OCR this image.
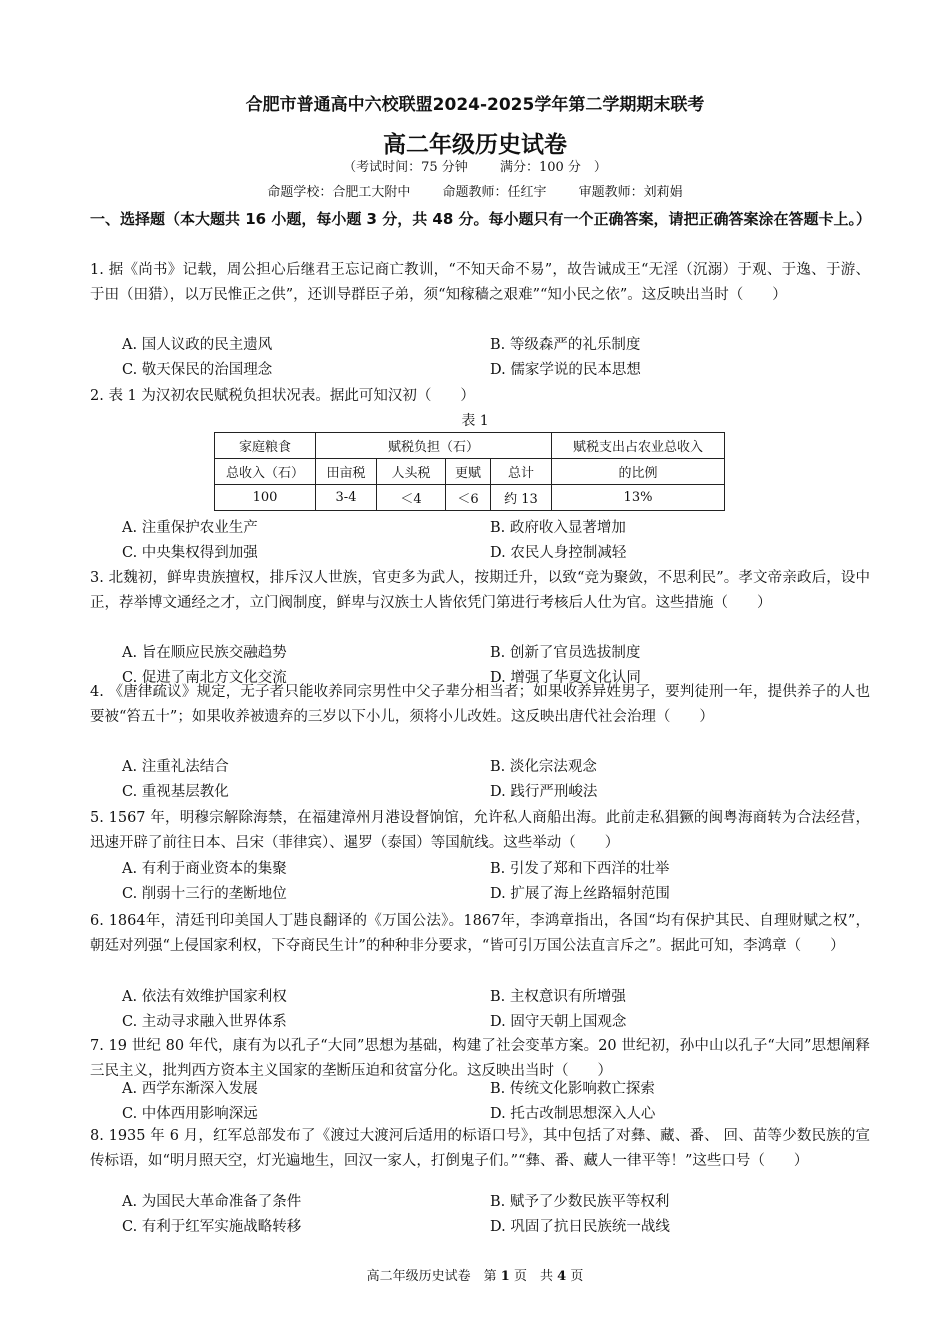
合肥市普通高中六校联盟2024-2025学年第二学期期末联考
高二年级历史试卷
（考试时间：75 分钟 满分：100 分　）
命题学校：合肥工大附中 命题教师：任红宇 审题教师：刘莉娟
一、选择题（本大题共 16 小题，每小题 3 分，共 48 分。每小题只有一个正确答案，请把正确答案涂在答题卡上。）
1. 据《尚书》记载，周公担心后继君王忘记商亡教训，“不知天命不易”，故告诫成王“无淫（沉溺）于观、于逸、于游、于田（田猎），以万民惟正之供”，还训导群臣子弟，须“知稼穑之艰难”“知小民之依”。这反映出当时（　　）
A. 国人议政的民主遗风	B. 等级森严的礼乐制度
C. 敬天保民的治国理念	D. 儒家学说的民本思想
2. 表 1 为汉初农民赋税负担状况表。据此可知汉初（　　）
表 1
家庭粮食	赋税负担（石）				赋税支出占农业总收入
总收入（石）	田亩税	人头税	更赋	总计	的比例
100	3-4	＜4	＜6	约 13	13%
A. 注重保护农业生产	B. 政府收入显著增加
C. 中央集权得到加强	D. 农民人身控制减轻
3. 北魏初，鲜卑贵族擅权，排斥汉人世族，官吏多为武人，按期迁升，以致“竞为聚敛，不思利民”。孝文帝亲政后，设中正，荐举博文通经之才，立门阀制度，鲜卑与汉族士人皆依凭门第进行考核后人仕为官。这些措施（　　）
A. 旨在顺应民族交融趋势	B. 创新了官员选拔制度
C. 促进了南北方文化交流	D. 增强了华夏文化认同
4. 《唐律疏议》规定，无子者只能收养同宗男性中父子辈分相当者；如果收养异姓男子，要判徒刑一年，提供养子的人也要被“笞五十”；如果收养被遗弃的三岁以下小儿，须将小儿改姓。这反映出唐代社会治理（　　）
A. 注重礼法结合	B. 淡化宗法观念
C. 重视基层教化	D. 践行严刑峻法
5. 1567 年，明穆宗解除海禁，在福建漳州月港设督饷馆，允许私人商船出海。此前走私猖獗的闽粤海商转为合法经营，迅速开辟了前往日本、吕宋（菲律宾）、暹罗（泰国）等国航线。这些举动（　　）
A. 有利于商业资本的集聚	B. 引发了郑和下西洋的壮举
C. 削弱十三行的垄断地位	D. 扩展了海上丝路辐射范围
6. 1864年，清廷刊印美国人丁韪良翻译的《万国公法》。1867年，李鸿章指出，各国“均有保护其民、自理财赋之权”，朝廷对列强“上侵国家利权，下夺商民生计”的种种非分要求，“皆可引万国公法直言斥之”。据此可知，李鸿章（　　）
A. 依法有效维护国家利权	B. 主权意识有所增强
C. 主动寻求融入世界体系	D. 固守天朝上国观念
7. 19 世纪 80 年代，康有为以孔子“大同”思想为基础，构建了社会变革方案。20 世纪初，孙中山以孔子“大同”思想阐释三民主义，批判西方资本主义国家的垄断压迫和贫富分化。这反映出当时（　　）
A. 西学东渐深入发展	B. 传统文化影响救亡探索
C. 中体西用影响深远	D. 托古改制思想深入人心
8. 1935 年 6 月，红军总部发布了《渡过大渡河后适用的标语口号》，其中包括了对彝、藏、番、 回、苗等少数民族的宣传标语，如“明月照天空，灯光遍地生，回汉一家人，打倒鬼子们。”“彝、番、藏人一律平等！”这些口号（　　）
A. 为国民大革命准备了条件	B. 赋予了少数民族平等权利
C. 有利于红军实施战略转移	D. 巩固了抗日民族统一战线
高二年级历史试卷　第 1 页　共 4 页
